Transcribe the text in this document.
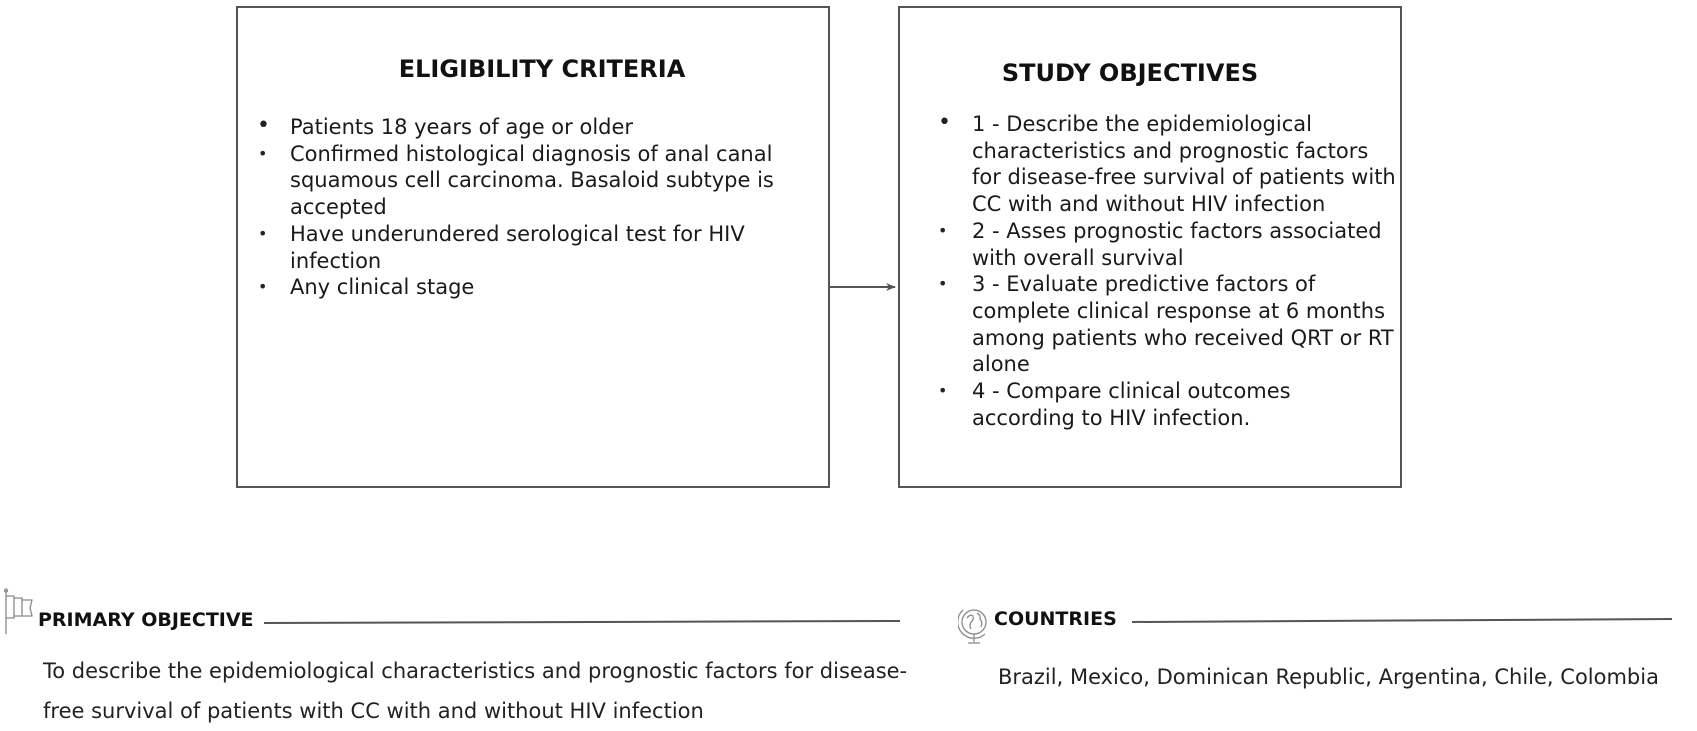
ELIGIBILITY CRITERIA
• Patients 18 years of age or older
• Confirmed histological diagnosis of anal canal squamous cell carcinoma. Basaloid subtype is accepted
• Have underundered serological test for HIV infection
• Any clinical stage
STUDY OBJECTIVES
• 1 - Describe the epidemiological characteristics and prognostic factors for disease-free survival of patients with CC with and without HIV infection
• 2 - Asses prognostic factors associated with overall survival
• 3 - Evaluate predictive factors of complete clinical response at 6 months among patients who received QRT or RT alone
• 4 - Compare clinical outcomes according to HIV infection.
PRIMARY OBJECTIVE
To describe the epidemiological characteristics and prognostic factors for disease-free survival of patients with CC with and without HIV infection
COUNTRIES
Brazil, Mexico, Dominican Republic, Argentina, Chile, Colombia
